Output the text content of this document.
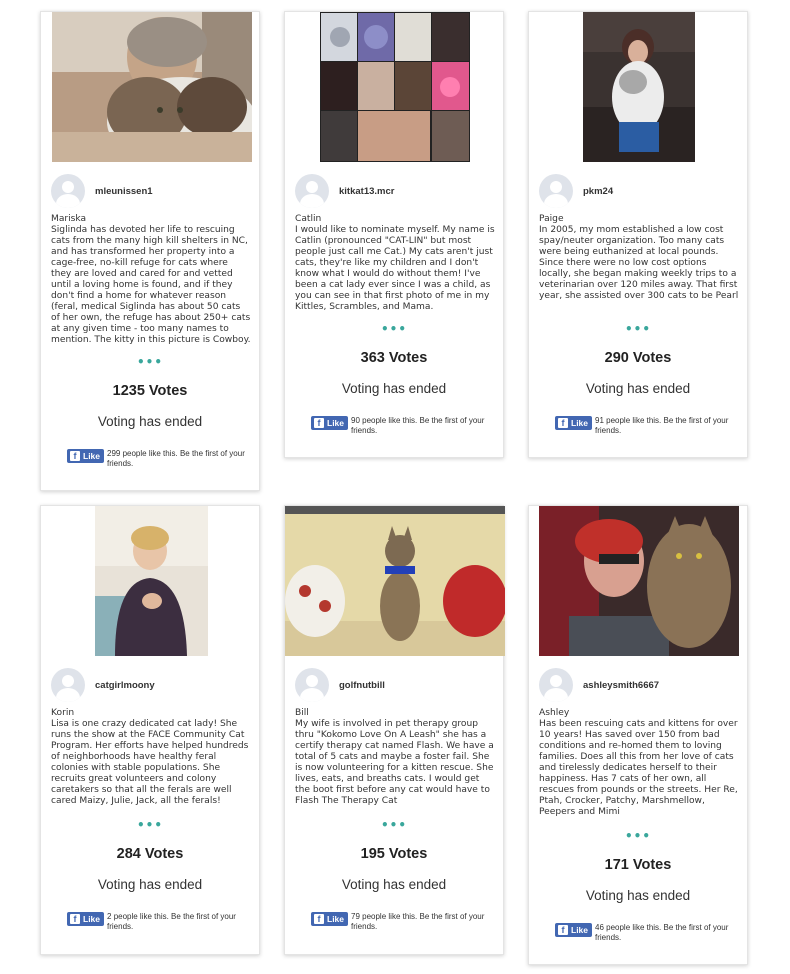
mleunissen1
Mariska
Siglinda has devoted her life to rescuing cats from the many high kill shelters in NC, and has transformed her property into a cage-free, no-kill refuge for cats where they are loved and cared for and vetted until a loving home is found, and if they don't find a home for whatever reason (feral, medical Siglinda has about 50 cats of her own, the refuge has about 250+ cats at any given time - too many names to mention. The kitty in this picture is Cowboy.
•••
1235 Votes
Voting has ended
f Like 299 people like this. Be the first of your friends.
kitkat13.mcr
Catlin
I would like to nominate myself. My name is Catlin (pronounced "CAT-LIN" but most people just call me Cat.) My cats aren't just cats, they're like my children and I don't know what I would do without them! I've been a cat lady ever since I was a child, as you can see in that first photo of me in my Kittles, Scrambles, and Mama.
•••
363 Votes
Voting has ended
f Like 90 people like this. Be the first of your friends.
pkm24
Paige
In 2005, my mom established a low cost spay/neuter organization. Too many cats were being euthanized at local pounds. Since there were no low cost options locally, she began making weekly trips to a veterinarian over 120 miles away. That first year, she assisted over 300 cats to be Pearl
•••
290 Votes
Voting has ended
f Like 91 people like this. Be the first of your friends.
catgirlmoony
Korin
Lisa is one crazy dedicated cat lady! She runs the show at the FACE Community Cat Program. Her efforts have helped hundreds of neighborhoods have healthy feral colonies with stable populations. She recruits great volunteers and colony caretakers so that all the ferals are well cared Maizy, Julie, Jack, all the ferals!
•••
284 Votes
Voting has ended
f Like 2 people like this. Be the first of your friends.
golfnutbill
Bill
My wife is involved in pet therapy group thru "Kokomo Love On A Leash" she has a certify therapy cat named Flash. We have a total of 5 cats and maybe a foster fail. She is now volunteering for a kitten rescue. She lives, eats, and breaths cats. I would get the boot first before any cat would have to Flash The Therapy Cat
•••
195 Votes
Voting has ended
f Like 79 people like this. Be the first of your friends.
ashleysmith6667
Ashley
Has been rescuing cats and kittens for over 10 years! Has saved over 150 from bad conditions and re-homed them to loving families. Does all this from her love of cats and tirelessly dedicates herself to their happiness. Has 7 cats of her own, all rescues from pounds or the streets. Her Re, Ptah, Crocker, Patchy, Marshmellow, Peepers and Mimi
•••
171 Votes
Voting has ended
f Like 46 people like this. Be the first of your friends.
